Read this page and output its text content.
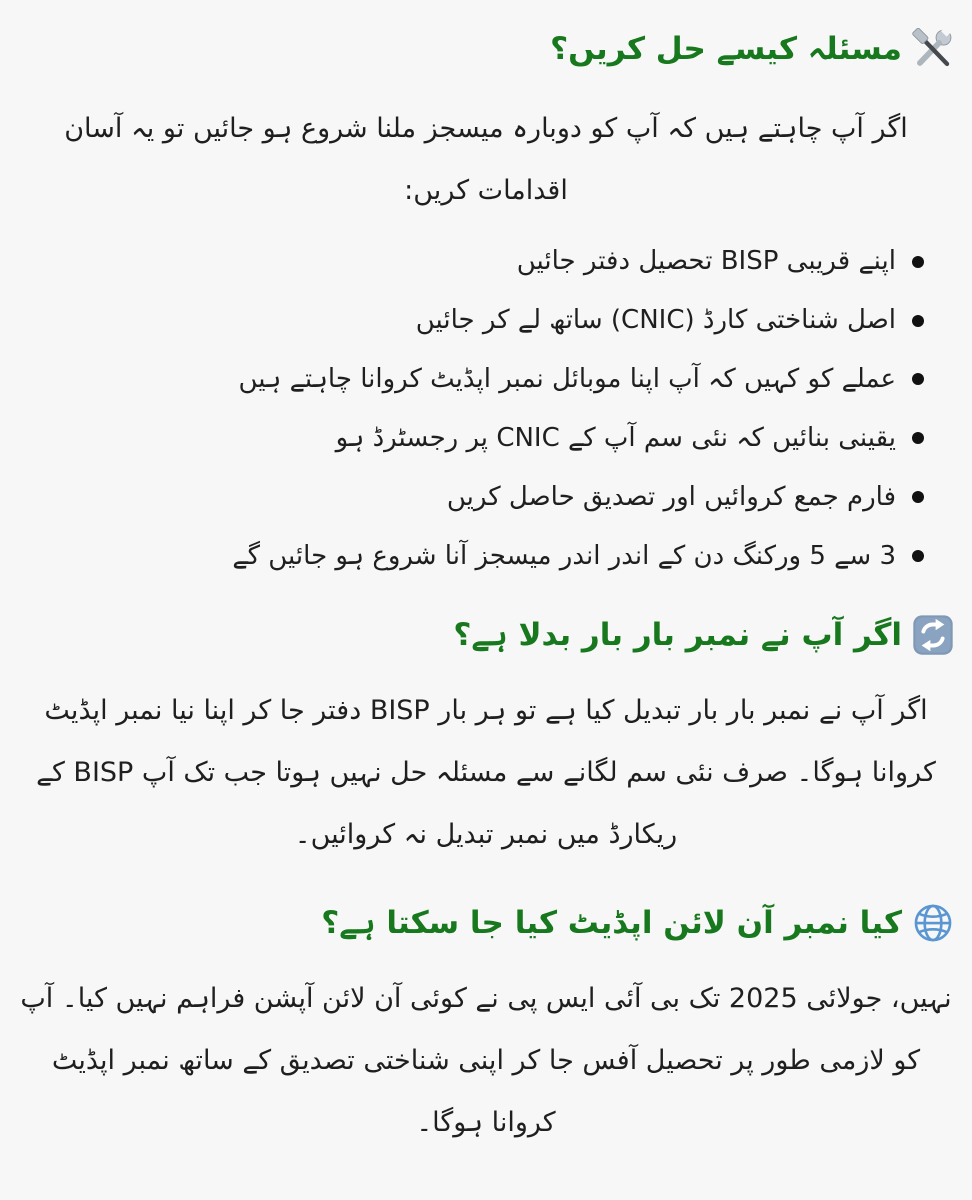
مسئلہ کیسے حل کریں؟

اگر آپ چاہتے ہیں کہ آپ کو دوبارہ میسجز ملنا شروع ہو جائیں تو یہ آسان اقدامات کریں:

اپنے قریبی BISP تحصیل دفتر جائیں
اصل شناختی کارڈ (CNIC) ساتھ لے کر جائیں
عملے کو کہیں کہ آپ اپنا موبائل نمبر اپڈیٹ کروانا چاہتے ہیں
یقینی بنائیں کہ نئی سم آپ کے CNIC پر رجسٹرڈ ہو
فارم جمع کروائیں اور تصدیق حاصل کریں
3 سے 5 ورکنگ دن کے اندر اندر میسجز آنا شروع ہو جائیں گے
اگر آپ نے نمبر بار بار بدلا ہے؟

اگر آپ نے نمبر بار بار تبدیل کیا ہے تو ہر بار BISP دفتر جا کر اپنا نیا نمبر اپڈیٹ کروانا ہوگا۔ صرف نئی سم لگانے سے مسئلہ حل نہیں ہوتا جب تک آپ BISP کے ریکارڈ میں نمبر تبدیل نہ کروائیں۔

کیا نمبر آن لائن اپڈیٹ کیا جا سکتا ہے؟

نہیں، جولائی 2025 تک بی آئی ایس پی نے کوئی آن لائن آپشن فراہم نہیں کیا۔ آپ کو لازمی طور پر تحصیل آفس جا کر اپنی شناختی تصدیق کے ساتھ نمبر اپڈیٹ کروانا ہوگا۔
